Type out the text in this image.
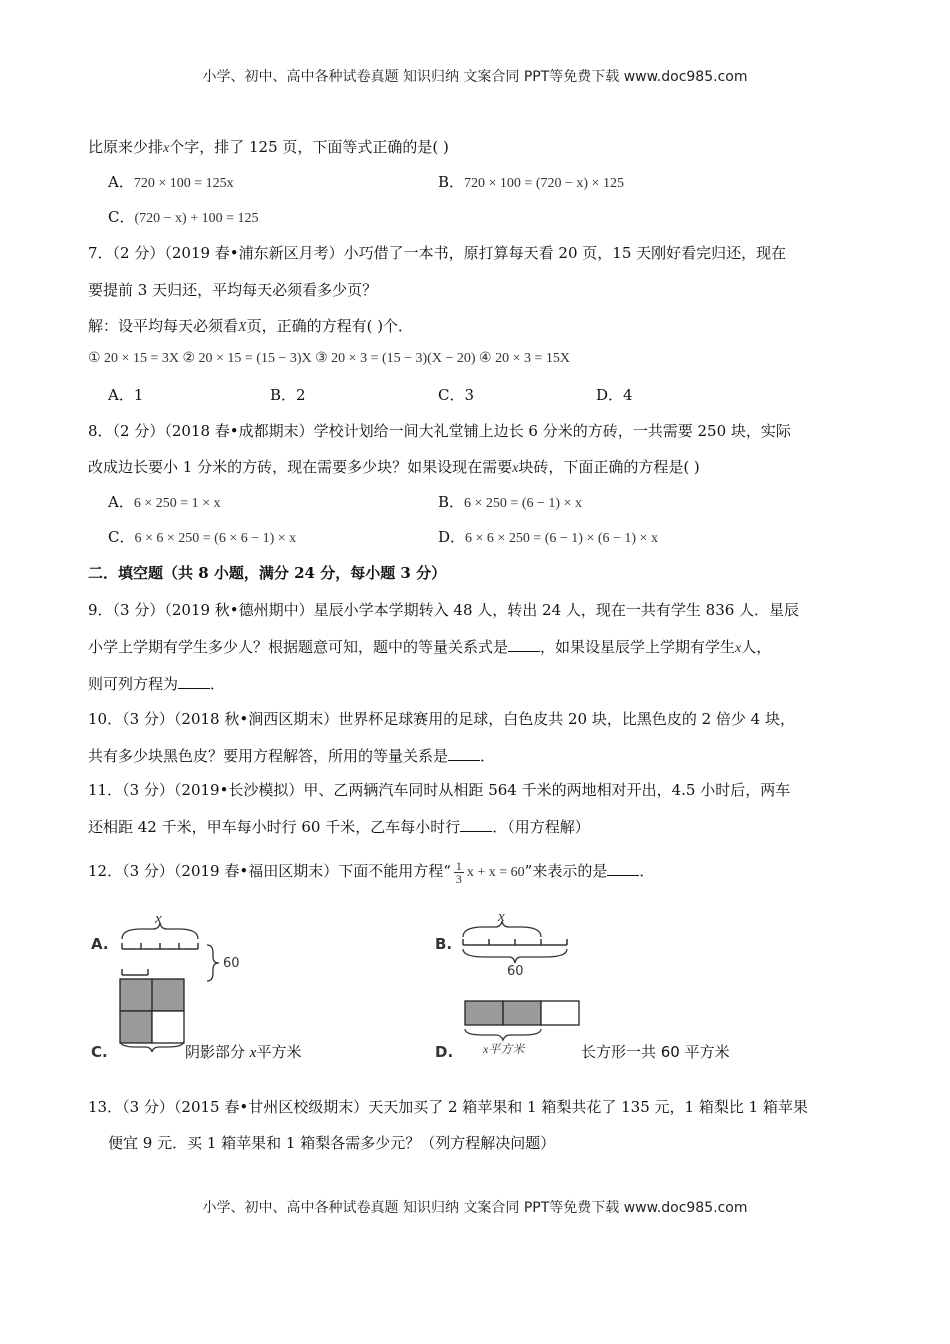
小学、初中、高中各种试卷真题 知识归纳 文案合同 PPT等免费下载 www.doc985.com
比原来少排x个字，排了 125 页，下面等式正确的是( )
A．720 × 100 = 125x	B．720 × 100 = (720 − x) × 125
C．(720 − x) + 100 = 125
7．（2 分）（2019 春•浦东新区月考）小巧借了一本书，原打算每天看 20 页，15 天刚好看完归还，现在
要提前 3 天归还，平均每天必须看多少页？
解：设平均每天必须看X页，正确的方程有( )个．
① 20 × 15 = 3X ② 20 × 15 = (15 − 3)X ③ 20 × 3 = (15 − 3)(X − 20) ④ 20 × 3 = 15X
A．1	B．2	C．3	D．4
8．（2 分）（2018 春•成都期末）学校计划给一间大礼堂铺上边长 6 分米的方砖，一共需要 250 块，实际
改成边长要小 1 分米的方砖，现在需要多少块？如果设现在需要x块砖，下面正确的方程是( )
A．6 × 250 = 1 × x	B．6 × 250 = (6 − 1) × x
C．6 × 6 × 250 = (6 × 6 − 1) × x	D．6 × 6 × 250 = (6 − 1) × (6 − 1) × x
二．填空题（共 8 小题，满分 24 分，每小题 3 分）
9．（3 分）（2019 秋•德州期中）星辰小学本学期转入 48 人，转出 24 人，现在一共有学生 836 人．星辰
小学上学期有学生多少人？根据题意可知，题中的等量关系式是 ，如果设星辰学上学期有学生x人，
则可列方程为 ．
10．（3 分）（2018 秋•涧西区期末）世界杯足球赛用的足球，白色皮共 20 块，比黑色皮的 2 倍少 4 块，
共有多少块黑色皮？要用方程解答，所用的等量关系是 ．
11．（3 分）（2019•长沙模拟）甲、乙两辆汽车同时从相距 564 千米的两地相对开出，4.5 小时后，两车
还相距 42 千米，甲车每小时行 60 千米，乙车每小时行 ．（用方程解）
12．（3 分）（2019 春•福田区期末）下面不能用方程“ $\frac{1}{3}$ x + x = 60”来表示的是 ．
A.
x
60
C.	阴影部分 x平方米
B.
x
60
D. x平方米	长方形一共 60 平方米
13．（3 分）（2015 春•甘州区校级期末）天天加买了 2 箱苹果和 1 箱梨共花了 135 元，1 箱梨比 1 箱苹果
便宜 9 元．买 1 箱苹果和 1 箱梨各需多少元？（列方程解决问题）
小学、初中、高中各种试卷真题 知识归纳 文案合同 PPT等免费下载 www.doc985.com
